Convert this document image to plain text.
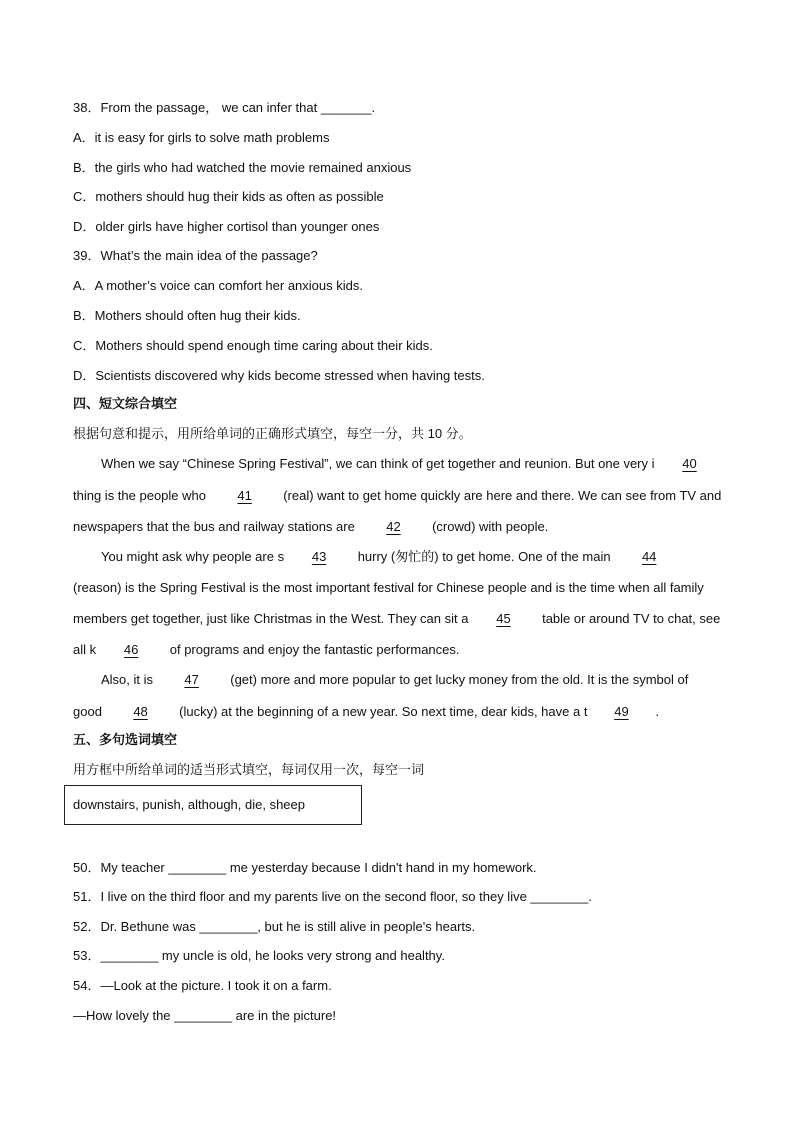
38．From the passage， we can infer that _______.
A．it is easy for girls to solve math problems
B．the girls who had watched the movie remained anxious
C．mothers should hug their kids as often as possible
D．older girls have higher cortisol than younger ones
39．What’s the main idea of the passage?
A．A mother’s voice can comfort her anxious kids.
B．Mothers should often hug their kids.
C．Mothers should spend enough time caring about their kids.
D．Scientists discovered why kids become stressed when having tests.
四、短文综合填空
根据句意和提示，用所给单词的正确形式填空，每空一分，共 10 分。
When we say “Chinese Spring Festival”, we can think of get together and reunion. But one very i 40
thing is the people who 41 (real) want to get home quickly are here and there. We can see from TV and
newspapers that the bus and railway stations are 42 (crowd) with people.
You might ask why people are s 43 hurry (匆忙的) to get home. One of the main 44
(reason) is the Spring Festival is the most important festival for Chinese people and is the time when all family
members get together, just like Christmas in the West. They can sit a 45 table or around TV to chat, see
all k 46 of programs and enjoy the fantastic performances.
Also, it is 47 (get) more and more popular to get lucky money from the old. It is the symbol of
good 48 (lucky) at the beginning of a new year. So next time, dear kids, have a t 49 .
五、多句选词填空
用方框中所给单词的适当形式填空，每词仅用一次，每空一词
downstairs, punish, although, die, sheep
50．My teacher ________ me yesterday because I didn't hand in my homework.
51．I live on the third floor and my parents live on the second floor, so they live ________.
52．Dr. Bethune was ________, but he is still alive in people's hearts.
53．________ my uncle is old, he looks very strong and healthy.
54．—Look at the picture. I took it on a farm.
—How lovely the ________ are in the picture!
